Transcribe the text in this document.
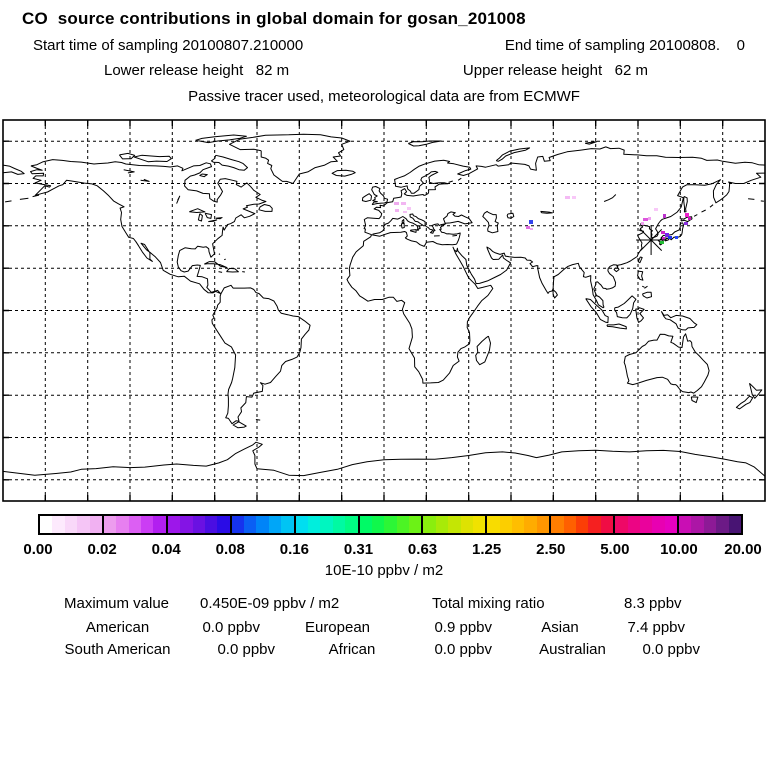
CO  source contributions in global domain for gosan_201008
Start time of sampling 20100807.210000	End time of sampling 20100808.    0
Lower release height   82 m	Upper release height   62 m
Passive tracer used, meteorological data are from ECMWF
0.00 0.02 0.04 0.08 0.16 0.31 0.63 1.25 2.50 5.00 10.00 20.00
10E-10 ppbv / m2
Maximum value 0.450E-09 ppbv / m2	Total mixing ratio	8.3 ppbv
American	0.0 ppbv	European	0.9 ppbv	Asian	7.4 ppbv
South American	0.0 ppbv	African	0.0 ppbv	Australian	0.0 ppbv
